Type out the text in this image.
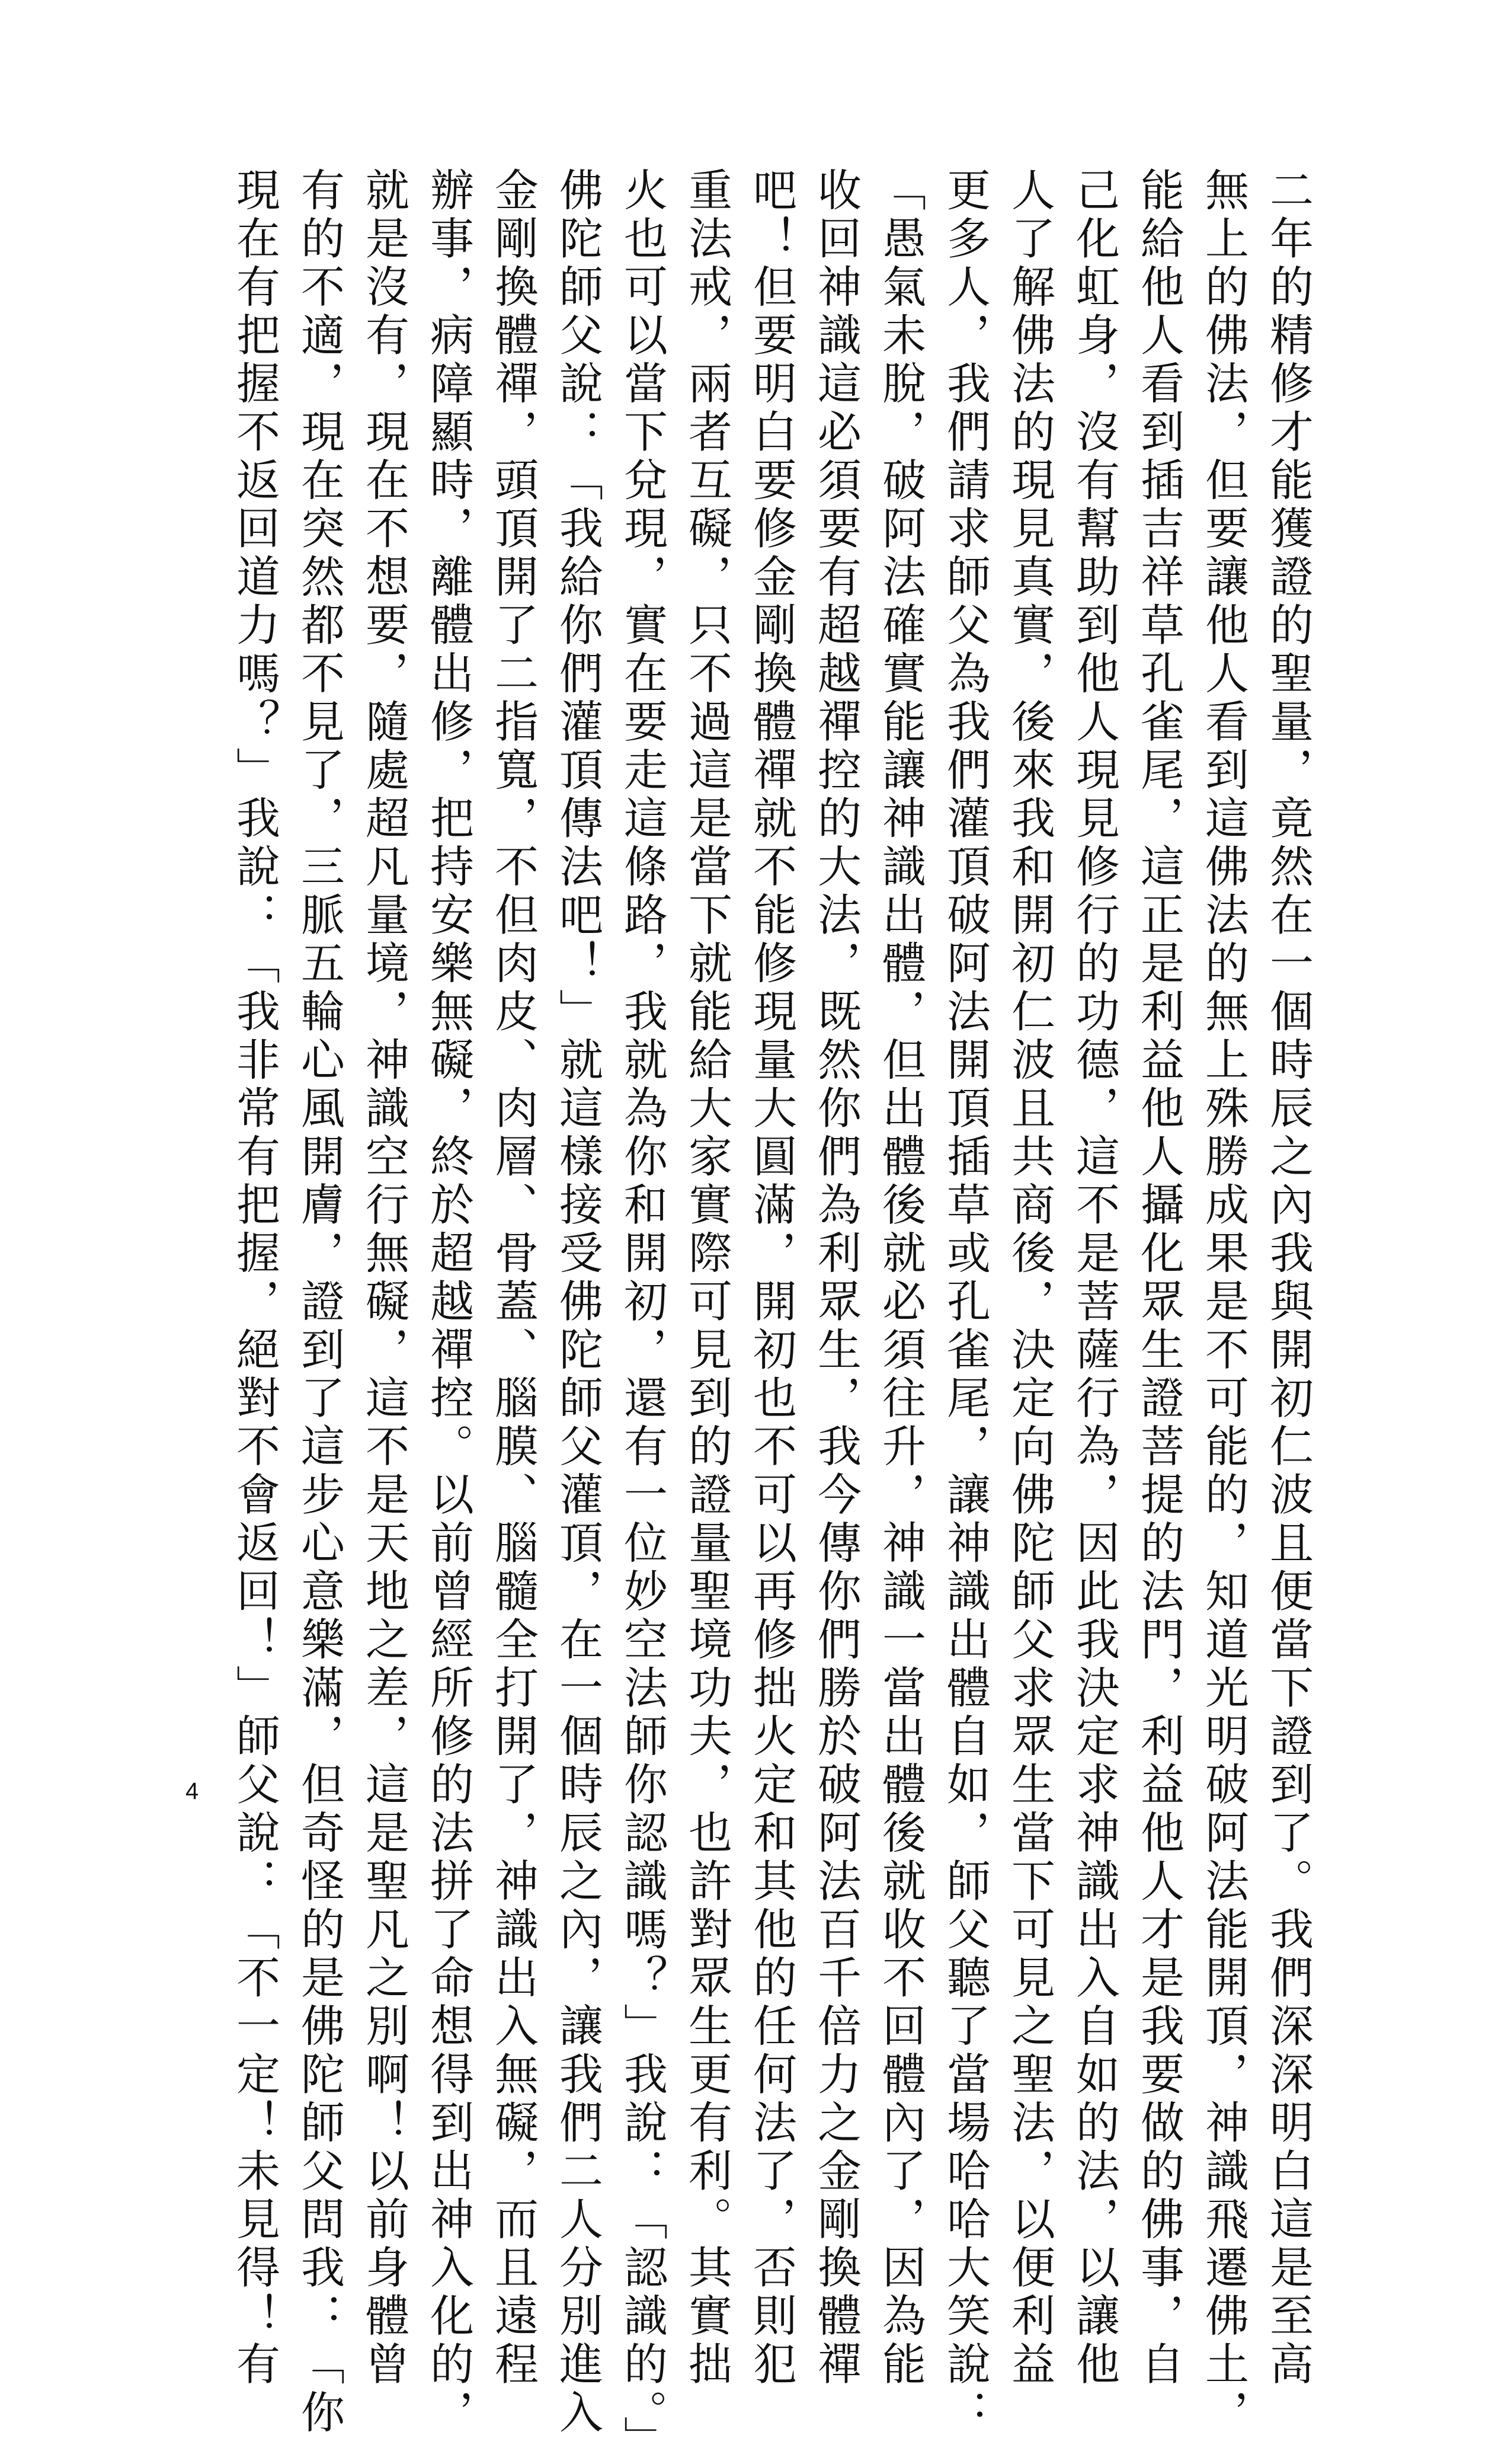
二年的精修才能獲證的聖量，竟然在一個時辰之內我與開初仁波且便當下證到了。我們深深明白這是至高
無上的佛法，但要讓他人看到這佛法的無上殊勝成果是不可能的，知道光明破阿法能開頂，神識飛遷佛土，
能給他人看到插吉祥草孔雀尾，這正是利益他人攝化眾生證菩提的法門，利益他人才是我要做的佛事，自
己化虹身，沒有幫助到他人現見修行的功德，這不是菩薩行為，因此我決定求神識出入自如的法，以讓他
人了解佛法的現見真實，後來我和開初仁波且共商後，決定向佛陀師父求眾生當下可見之聖法，以便利益
更多人，我們請求師父為我們灌頂破阿法開頂插草或孔雀尾，讓神識出體自如，師父聽了當場哈哈大笑說：
「愚氣未脫，破阿法確實能讓神識出體，但出體後就必須往升，神識一當出體後就收不回體內了，因為能
收回神識這必須要有超越禪控的大法，既然你們為利眾生，我今傳你們勝於破阿法百千倍力之金剛換體禪
吧！但要明白要修金剛換體禪就不能修現量大圓滿，開初也不可以再修拙火定和其他的任何法了，否則犯
重法戒，兩者互礙，只不過這是當下就能給大家實際可見到的證量聖境功夫，也許對眾生更有利。其實拙
火也可以當下兌現，實在要走這條路，我就為你和開初，還有一位妙空法師你認識嗎？」我說：「認識的。」
佛陀師父說：「我給你們灌頂傳法吧！」就這樣接受佛陀師父灌頂，在一個時辰之內，讓我們二人分別進入
金剛換體禪，頭頂開了二指寬，不但肉皮、肉層、骨蓋、腦膜、腦髓全打開了，神識出入無礙，而且遠程
辦事，病障顯時，離體出修，把持安樂無礙，終於超越禪控。以前曾經所修的法拼了命想得到出神入化的，
就是沒有，現在不想要，隨處超凡量境，神識空行無礙，這不是天地之差，這是聖凡之別啊！以前身體曾
有的不適，現在突然都不見了，三脈五輪心風開膚，證到了這步心意樂滿，但奇怪的是佛陀師父問我：「你
現在有把握不返回道力嗎？」我說：「我非常有把握，絕對不會返回！」師父說：「不一定！未見得！有
4
